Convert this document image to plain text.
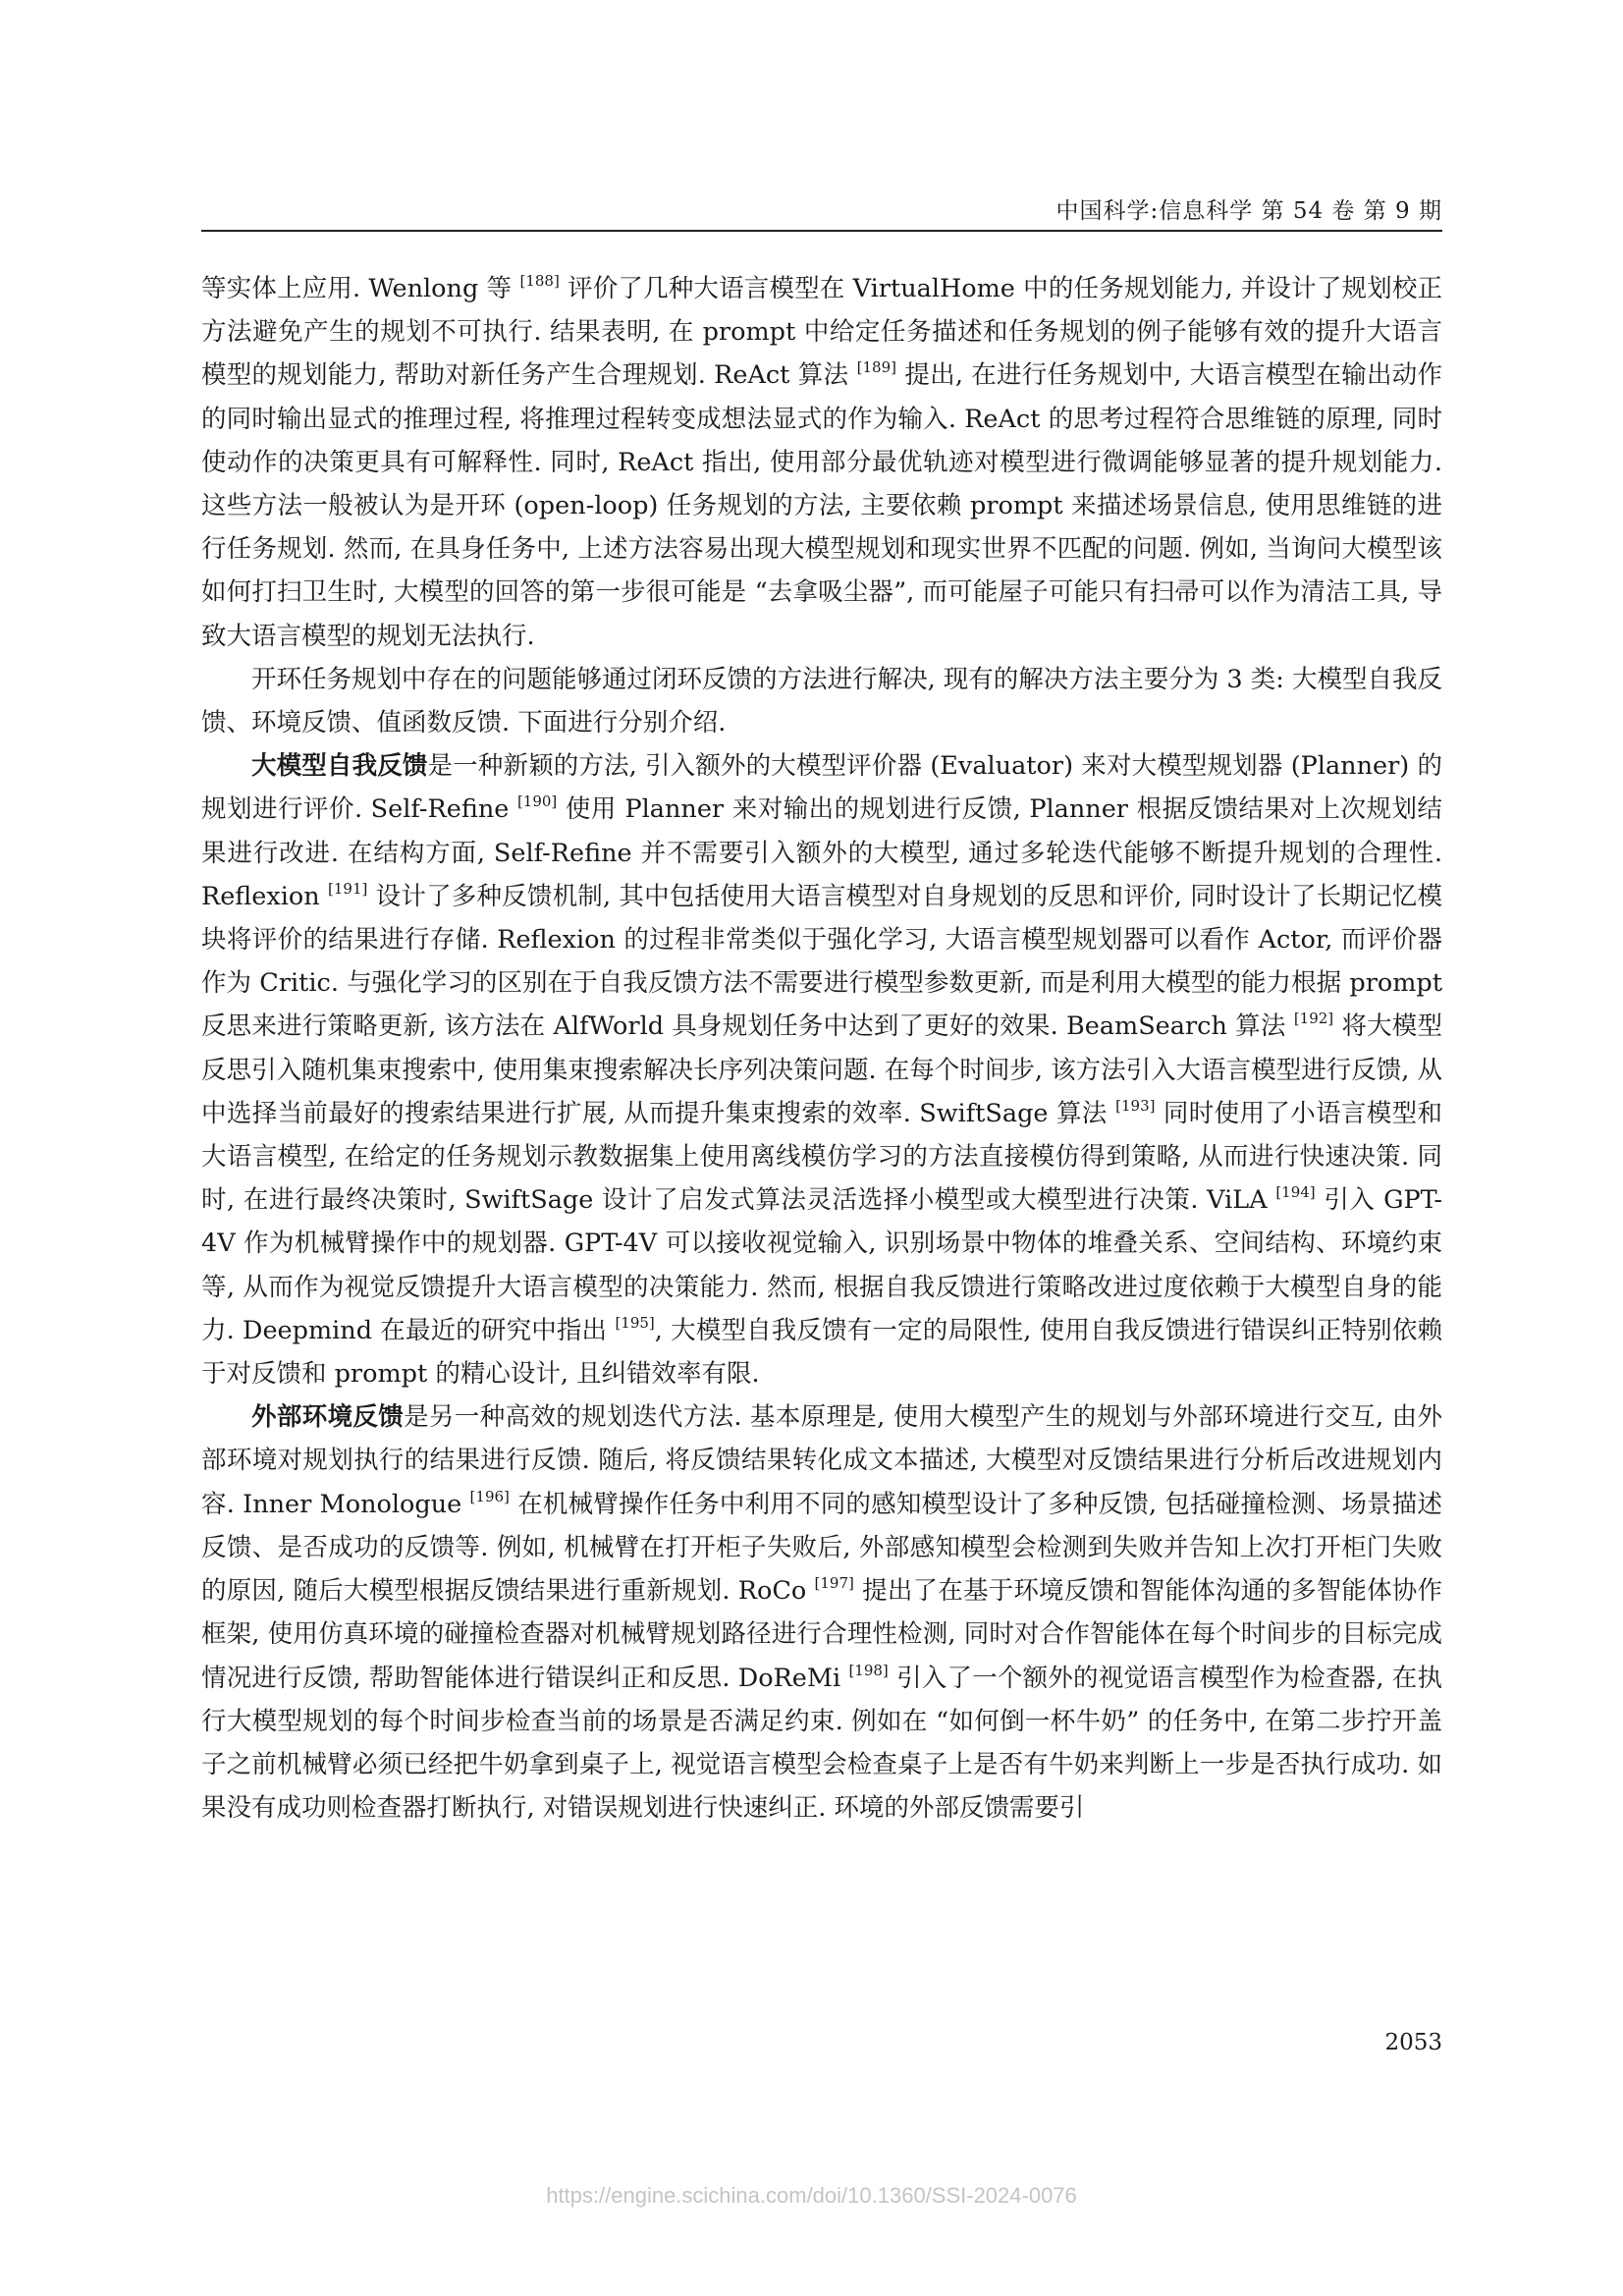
中国科学:信息科学 第 54 卷 第 9 期

等实体上应用. Wenlong 等 [188] 评价了几种大语言模型在 VirtualHome 中的任务规划能力, 并设计了规划校正方法避免产生的规划不可执行. 结果表明, 在 prompt 中给定任务描述和任务规划的例子能够有效的提升大语言模型的规划能力, 帮助对新任务产生合理规划. ReAct 算法 [189] 提出, 在进行任务规划中, 大语言模型在输出动作的同时输出显式的推理过程, 将推理过程转变成想法显式的作为输入. ReAct 的思考过程符合思维链的原理, 同时使动作的决策更具有可解释性. 同时, ReAct 指出, 使用部分最优轨迹对模型进行微调能够显著的提升规划能力. 这些方法一般被认为是开环 (open-loop) 任务规划的方法, 主要依赖 prompt 来描述场景信息, 使用思维链的进行任务规划. 然而, 在具身任务中, 上述方法容易出现大模型规划和现实世界不匹配的问题. 例如, 当询问大模型该如何打扫卫生时, 大模型的回答的第一步很可能是 “去拿吸尘器”, 而可能屋子可能只有扫帚可以作为清洁工具, 导致大语言模型的规划无法执行.

开环任务规划中存在的问题能够通过闭环反馈的方法进行解决, 现有的解决方法主要分为 3 类: 大模型自我反馈、环境反馈、值函数反馈. 下面进行分别介绍.

大模型自我反馈是一种新颖的方法, 引入额外的大模型评价器 (Evaluator) 来对大模型规划器 (Planner) 的规划进行评价. Self-Refine [190] 使用 Planner 来对输出的规划进行反馈, Planner 根据反馈结果对上次规划结果进行改进. 在结构方面, Self-Refine 并不需要引入额外的大模型, 通过多轮迭代能够不断提升规划的合理性. Reflexion [191] 设计了多种反馈机制, 其中包括使用大语言模型对自身规划的反思和评价, 同时设计了长期记忆模块将评价的结果进行存储. Reflexion 的过程非常类似于强化学习, 大语言模型规划器可以看作 Actor, 而评价器作为 Critic. 与强化学习的区别在于自我反馈方法不需要进行模型参数更新, 而是利用大模型的能力根据 prompt 反思来进行策略更新, 该方法在 AlfWorld 具身规划任务中达到了更好的效果. BeamSearch 算法 [192] 将大模型反思引入随机集束搜索中, 使用集束搜索解决长序列决策问题. 在每个时间步, 该方法引入大语言模型进行反馈, 从中选择当前最好的搜索结果进行扩展, 从而提升集束搜索的效率. SwiftSage 算法 [193] 同时使用了小语言模型和大语言模型, 在给定的任务规划示教数据集上使用离线模仿学习的方法直接模仿得到策略, 从而进行快速决策. 同时, 在进行最终决策时, SwiftSage 设计了启发式算法灵活选择小模型或大模型进行决策. ViLA [194] 引入 GPT-4V 作为机械臂操作中的规划器. GPT-4V 可以接收视觉输入, 识别场景中物体的堆叠关系、空间结构、环境约束等, 从而作为视觉反馈提升大语言模型的决策能力. 然而, 根据自我反馈进行策略改进过度依赖于大模型自身的能力. Deepmind 在最近的研究中指出 [195], 大模型自我反馈有一定的局限性, 使用自我反馈进行错误纠正特别依赖于对反馈和 prompt 的精心设计, 且纠错效率有限.

外部环境反馈是另一种高效的规划迭代方法. 基本原理是, 使用大模型产生的规划与外部环境进行交互, 由外部环境对规划执行的结果进行反馈. 随后, 将反馈结果转化成文本描述, 大模型对反馈结果进行分析后改进规划内容. Inner Monologue [196] 在机械臂操作任务中利用不同的感知模型设计了多种反馈, 包括碰撞检测、场景描述反馈、是否成功的反馈等. 例如, 机械臂在打开柜子失败后, 外部感知模型会检测到失败并告知上次打开柜门失败的原因, 随后大模型根据反馈结果进行重新规划. RoCo [197] 提出了在基于环境反馈和智能体沟通的多智能体协作框架, 使用仿真环境的碰撞检查器对机械臂规划路径进行合理性检测, 同时对合作智能体在每个时间步的目标完成情况进行反馈, 帮助智能体进行错误纠正和反思. DoReMi [198] 引入了一个额外的视觉语言模型作为检查器, 在执行大模型规划的每个时间步检查当前的场景是否满足约束. 例如在 “如何倒一杯牛奶” 的任务中, 在第二步拧开盖子之前机械臂必须已经把牛奶拿到桌子上, 视觉语言模型会检查桌子上是否有牛奶来判断上一步是否执行成功. 如果没有成功则检查器打断执行, 对错误规划进行快速纠正. 环境的外部反馈需要引

2053
https://engine.scichina.com/doi/10.1360/SSI-2024-0076
